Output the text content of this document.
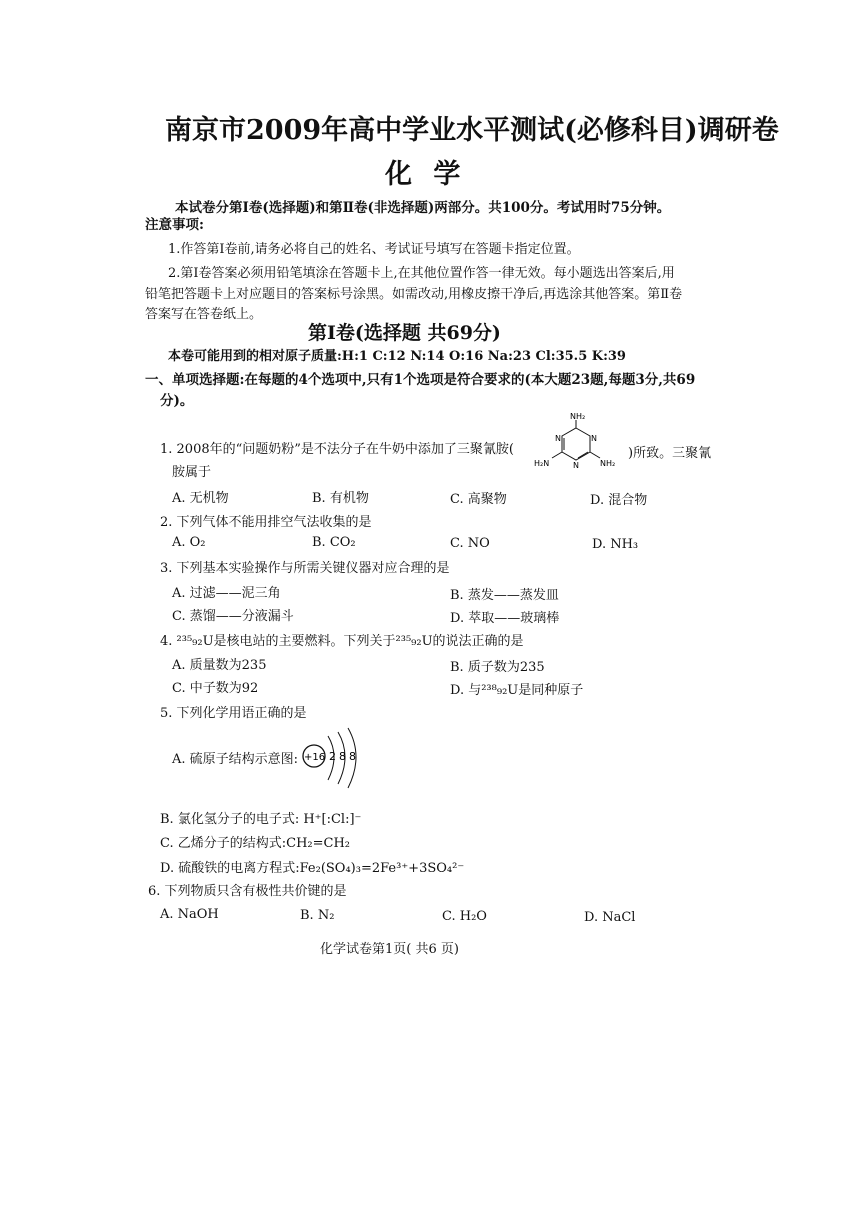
南京市2009年高中学业水平测试(必修科目)调研卷
化 学
本试卷分第Ⅰ卷(选择题)和第Ⅱ卷(非选择题)两部分。共100分。考试用时75分钟。
注意事项:
1.作答第Ⅰ卷前,请务必将自己的姓名、考试证号填写在答题卡指定位置。
2.第Ⅰ卷答案必须用铅笔填涂在答题卡上,在其他位置作答一律无效。每小题选出答案后,用
铅笔把答题卡上对应题目的答案标号涂黑。如需改动,用橡皮擦干净后,再选涂其他答案。第Ⅱ卷
答案写在答卷纸上。
第Ⅰ卷(选择题 共69分)
本卷可能用到的相对原子质量:H:1 C:12 N:14 O:16 Na:23 Cl:35.5 K:39
一、单项选择题:在每题的4个选项中,只有1个选项是符合要求的(本大题23题,每题3分,共69
分)。
1. 2008年的“问题奶粉”是不法分子在牛奶中添加了三聚氰胺(
NH₂
H₂N	NH₂
N
N
N
)所致。三聚氰
胺属于
A. 无机物	B. 有机物	C. 高聚物	D. 混合物
2. 下列气体不能用排空气法收集的是
A. O₂	B. CO₂	C. NO	D. NH₃
3. 下列基本实验操作与所需关键仪器对应合理的是
A. 过滤——泥三角	B. 蒸发——蒸发皿
C. 蒸馏——分液漏斗	D. 萃取——玻璃棒
4. ²³⁵₉₂U是核电站的主要燃料。下列关于²³⁵₉₂U的说法正确的是
A. 质量数为235	B. 质子数为235
C. 中子数为92	D. 与²³⁸₉₂U是同种原子
5. 下列化学用语正确的是
A. 硫原子结构示意图: +16 2 8 8
B. 氯化氢分子的电子式: H⁺[:Cl:]⁻
C. 乙烯分子的结构式:CH₂=CH₂
D. 硫酸铁的电离方程式:Fe₂(SO₄)₃=2Fe³⁺+3SO₄²⁻
6. 下列物质只含有极性共价键的是
A. NaOH	B. N₂	C. H₂O	D. NaCl
化学试卷第1页( 共6 页)
